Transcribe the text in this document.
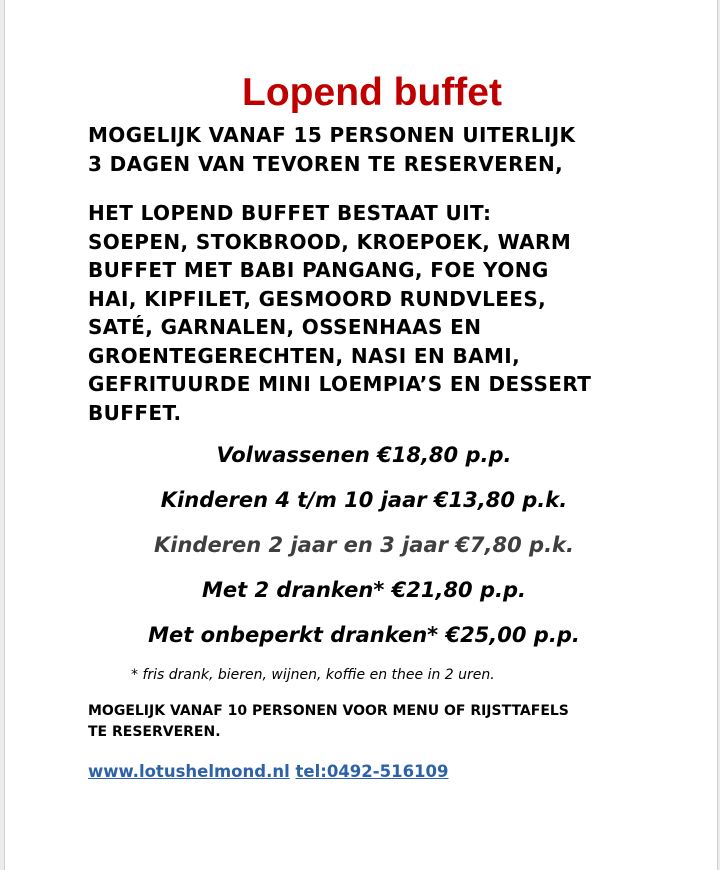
Lopend buffet
MOGELIJK VANAF 15 PERSONEN UITERLIJK
3 DAGEN VAN TEVOREN TE RESERVEREN,
HET LOPEND BUFFET BESTAAT UIT:
SOEPEN, STOKBROOD, KROEPOEK, WARM
BUFFET MET BABI PANGANG, FOE YONG
HAI, KIPFILET, GESMOORD RUNDVLEES,
SATÉ, GARNALEN, OSSENHAAS EN
GROENTEGERECHTEN, NASI EN BAMI,
GEFRITUURDE MINI LOEMPIA’S EN DESSERT
BUFFET.

Volwassenen €18,80 p.p.

Kinderen 4 t/m 10 jaar €13,80 p.k.

Kinderen 2 jaar en 3 jaar €7,80 p.k.

Met 2 dranken* €21,80 p.p.

Met onbeperkt dranken* €25,00 p.p.

* fris drank, bieren, wijnen, koffie en thee in 2 uren.

MOGELIJK VANAF 10 PERSONEN VOOR MENU OF RIJSTTAFELS
TE RESERVEREN.

www.lotushelmond.nl tel:0492-516109
